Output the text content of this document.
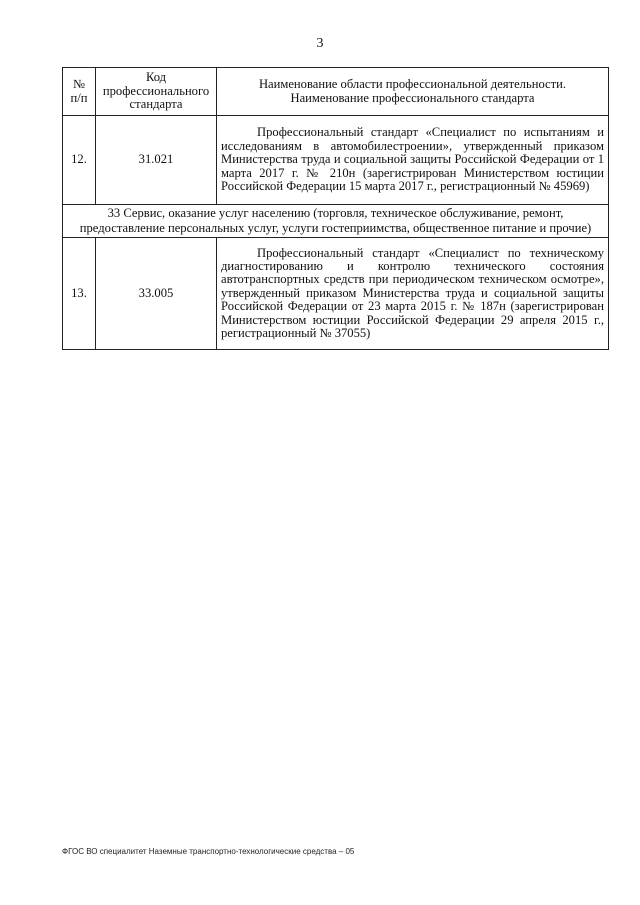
3
№ п/п	Код профессионального стандарта	Наименование области профессиональной деятельности.
Наименование профессионального стандарта

12.	31.021	Профессиональный стандарт «Специалист по испытаниям и исследованиям в автомобилестроении», утвержденный приказом Министерства труда и социальной защиты Российской Федерации от 1 марта 2017 г. № 210н (зарегистрирован Министерством юстиции Российской Федерации 15 марта 2017 г., регистрационный № 45969)

33 Сервис, оказание услуг населению (торговля, техническое обслуживание, ремонт,
предоставление персональных услуг, услуги гостеприимства, общественное питание и прочие)		

13.	33.005	Профессиональный стандарт «Специалист по техническому диагностированию и контролю технического состояния автотранспортных средств при периодическом техническом осмотре», утвержденный приказом Министерства труда и социальной защиты Российской Федерации от 23 марта 2015 г. № 187н (зарегистрирован Министерством юстиции Российской Федерации 29 апреля 2015 г., регистрационный № 37055)
ФГОС ВО специалитет Наземные транспортно-технологические средства – 05
